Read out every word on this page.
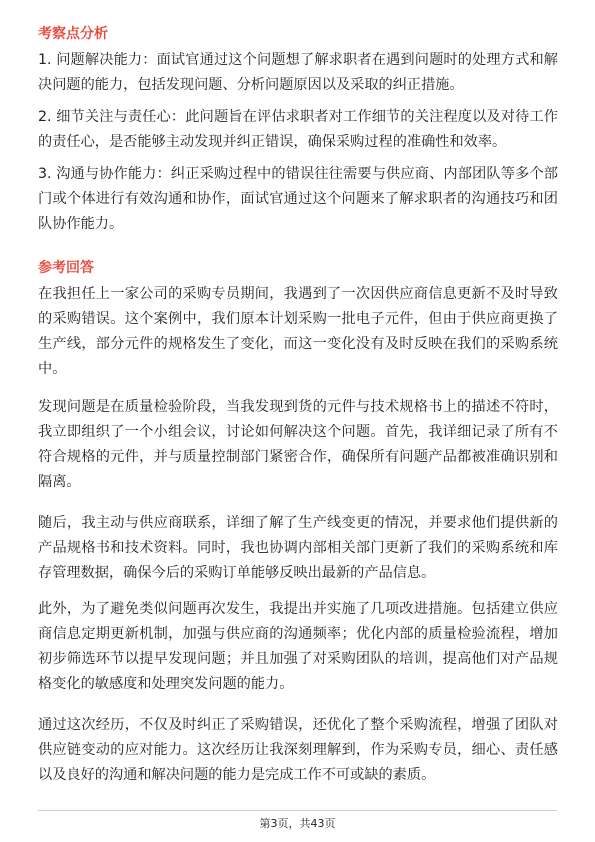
考察点分析

1. 问题解决能力：面试官通过这个问题想了解求职者在遇到问题时的处理方式和解决问题的能力，包括发现问题、分析问题原因以及采取的纠正措施。

2. 细节关注与责任心：此问题旨在评估求职者对工作细节的关注程度以及对待工作的责任心，是否能够主动发现并纠正错误，确保采购过程的准确性和效率。

3. 沟通与协作能力：纠正采购过程中的错误往往需要与供应商、内部团队等多个部门或个体进行有效沟通和协作，面试官通过这个问题来了解求职者的沟通技巧和团队协作能力。

参考回答

在我担任上一家公司的采购专员期间，我遇到了一次因供应商信息更新不及时导致的采购错误。这个案例中，我们原本计划采购一批电子元件，但由于供应商更换了生产线，部分元件的规格发生了变化，而这一变化没有及时反映在我们的采购系统中。

发现问题是在质量检验阶段，当我发现到货的元件与技术规格书上的描述不符时，我立即组织了一个小组会议，讨论如何解决这个问题。首先，我详细记录了所有不符合规格的元件，并与质量控制部门紧密合作，确保所有问题产品都被准确识别和隔离。

随后，我主动与供应商联系，详细了解了生产线变更的情况，并要求他们提供新的产品规格书和技术资料。同时，我也协调内部相关部门更新了我们的采购系统和库存管理数据，确保今后的采购订单能够反映出最新的产品信息。

此外，为了避免类似问题再次发生，我提出并实施了几项改进措施。包括建立供应商信息定期更新机制，加强与供应商的沟通频率；优化内部的质量检验流程，增加初步筛选环节以提早发现问题；并且加强了对采购团队的培训，提高他们对产品规格变化的敏感度和处理突发问题的能力。

通过这次经历，不仅及时纠正了采购错误，还优化了整个采购流程，增强了团队对供应链变动的应对能力。这次经历让我深刻理解到，作为采购专员，细心、责任感以及良好的沟通和解决问题的能力是完成工作不可或缺的素质。

第3页，共43页
